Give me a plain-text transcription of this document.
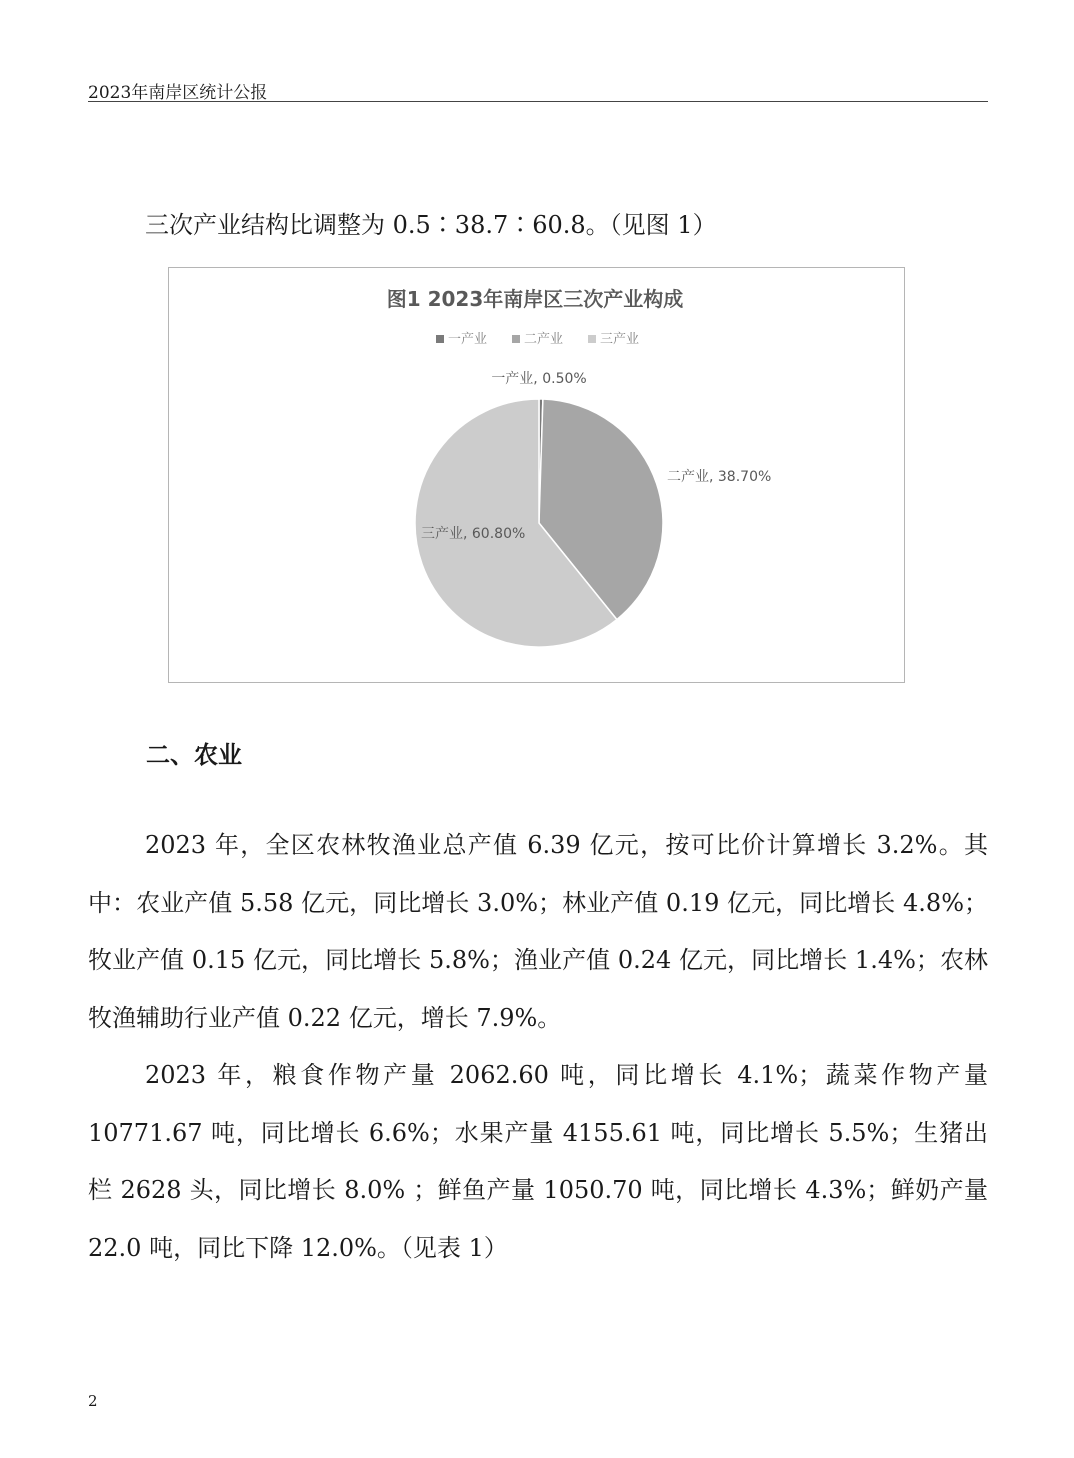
2023年南岸区统计公报

三次产业结构比调整为 0.5∶38.7∶60.8。（见图 1）

图1 2023年南岸区三次产业构成
一产业	二产业	三产业
一产业, 0.50%
二产业, 38.70%
三产业, 60.80%
二、农业

2023 年，全区农林牧渔业总产值 6.39 亿元，按可比价计算增长 3.2%。其中：农业产值 5.58 亿元，同比增长 3.0%；林业产值 0.19 亿元，同比增长 4.8%；牧业产值 0.15 亿元，同比增长 5.8%；渔业产值 0.24 亿元，同比增长 1.4%；农林牧渔辅助行业产值 0.22 亿元，增长 7.9%。

2023 年，粮食作物产量 2062.60 吨，同比增长 4.1%；蔬菜作物产量 10771.67 吨，同比增长 6.6%；水果产量 4155.61 吨，同比增长 5.5%；生猪出栏 2628 头，同比增长 8.0% ；鲜鱼产量 1050.70 吨，同比增长 4.3%；鲜奶产量 22.0 吨，同比下降 12.0%。（见表 1）

2
